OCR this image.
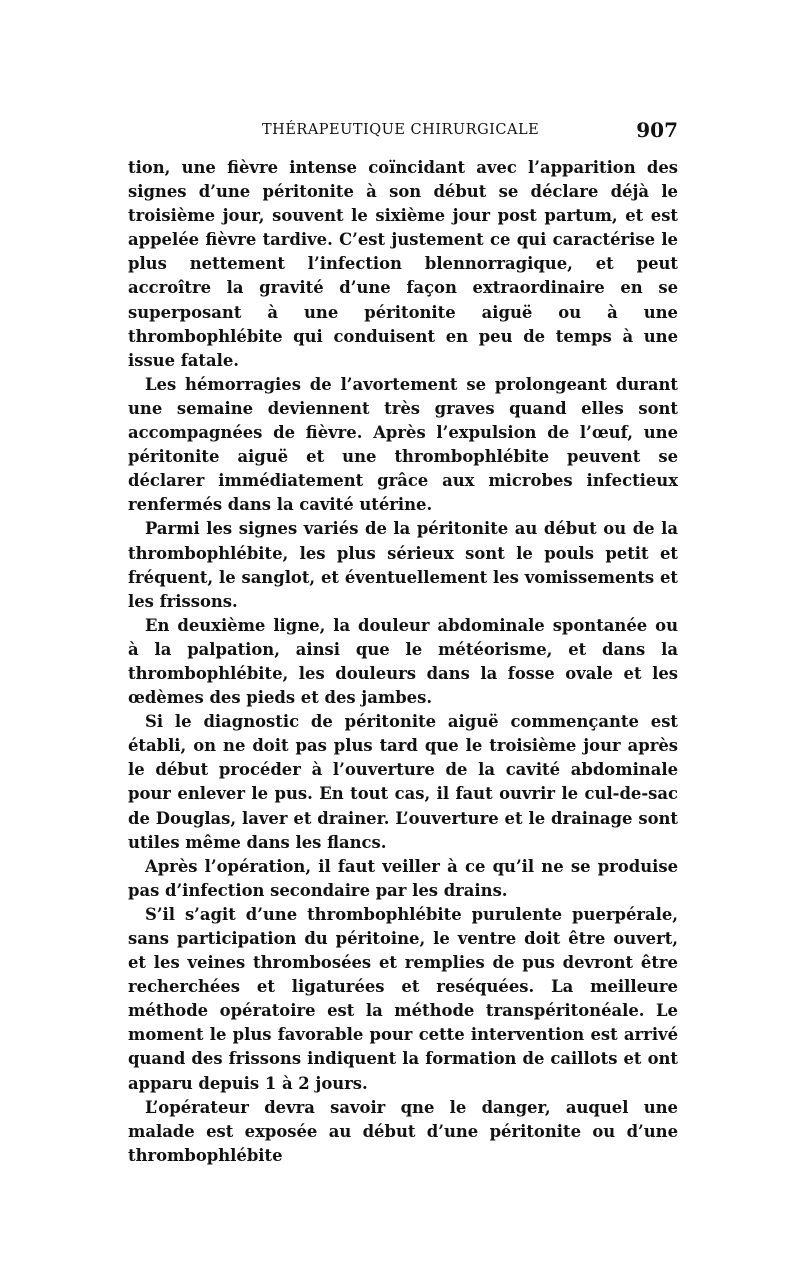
THÉRAPEUTIQUE CHIRURGICALE	907

tion, une fièvre intense coïncidant avec l’apparition des signes d’une péritonite à son début se déclare déjà le troisième jour, souvent le sixième jour post partum, et est appelée fièvre tardive. C’est justement ce qui caractérise le plus nettement l’infection blennorragique, et peut accroître la gravité d’une façon extraordinaire en se superposant à une péritonite aiguë ou à une thrombophlébite qui conduisent en peu de temps à une issue fatale.

Les hémorragies de l’avortement se prolongeant durant une semaine deviennent très graves quand elles sont accompagnées de fièvre. Après l’expulsion de l’œuf, une péritonite aiguë et une thrombophlébite peuvent se déclarer immédiatement grâce aux microbes infectieux renfermés dans la cavité utérine.

Parmi les signes variés de la péritonite au début ou de la thrombophlébite, les plus sérieux sont le pouls petit et fréquent, le sanglot, et éventuellement les vomissements et les frissons.

En deuxième ligne, la douleur abdominale spontanée ou à la palpation, ainsi que le météorisme, et dans la thrombophlébite, les douleurs dans la fosse ovale et les œdèmes des pieds et des jambes.

Si le diagnostic de péritonite aiguë commençante est établi, on ne doit pas plus tard que le troisième jour après le début procéder à l’ouverture de la cavité abdominale pour enlever le pus. En tout cas, il faut ouvrir le cul-de-sac de Douglas, laver et drainer. L’ouverture et le drainage sont utiles même dans les flancs.

Après l’opération, il faut veiller à ce qu’il ne se produise pas d’infection secondaire par les drains.

S’il s’agit d’une thrombophlébite purulente puerpérale, sans participation du péritoine, le ventre doit être ouvert, et les veines thrombosées et remplies de pus devront être recherchées et ligaturées et reséquées. La meilleure méthode opératoire est la méthode transpéritonéale. Le moment le plus favorable pour cette intervention est arrivé quand des frissons indiquent la formation de caillots et ont apparu depuis 1 à 2 jours.

L’opérateur devra savoir qne le danger, auquel une malade est exposée au début d’une péritonite ou d’une thrombophlébite
